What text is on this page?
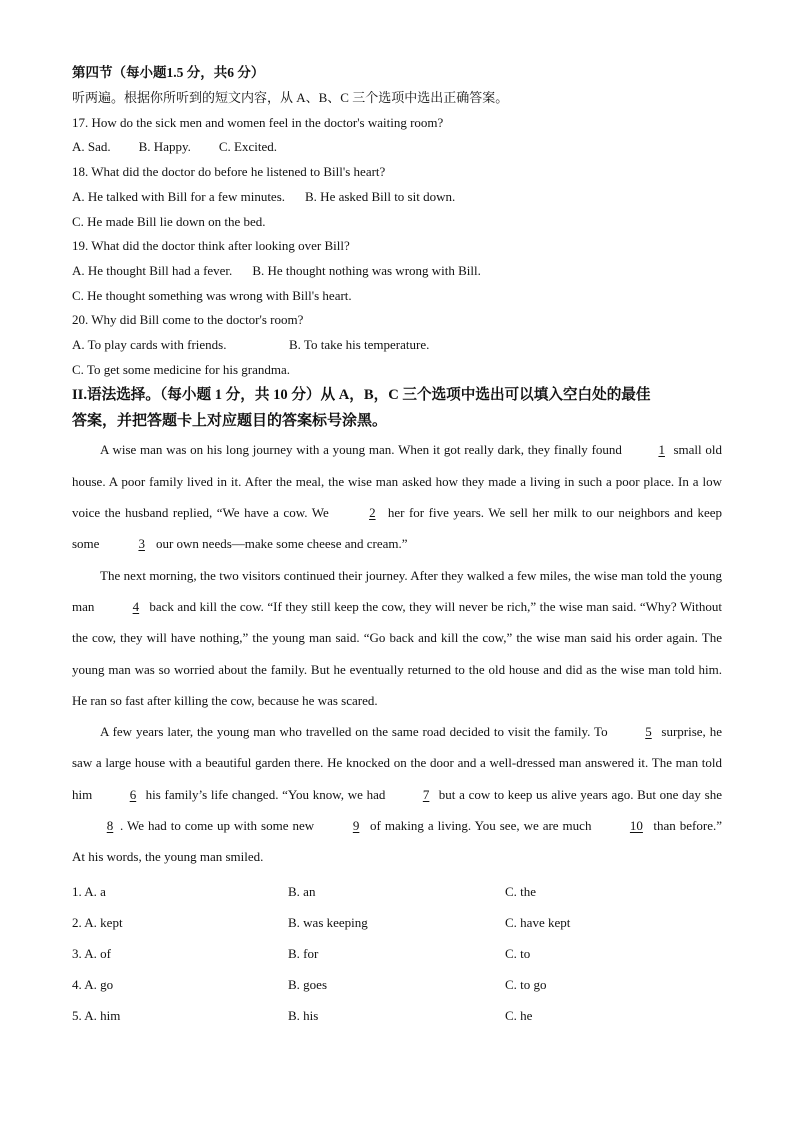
第四节（每小题1.5 分，共6 分）
听两遍。根据你所听到的短文内容，从 A、B、C 三个选项中选出正确答案。
17. How do the sick men and women feel in the doctor's waiting room?
A. Sad. B. Happy. C. Excited.
18. What did the doctor do before he listened to Bill's heart?
A. He talked with Bill for a few minutes. B. He asked Bill to sit down.
C. He made Bill lie down on the bed.
19. What did the doctor think after looking over Bill?
A. He thought Bill had a fever. B. He thought nothing was wrong with Bill.
C. He thought something was wrong with Bill's heart.
20. Why did Bill come to the doctor's room?
A. To play cards with friends.	B. To take his temperature.
C. To get some medicine for his grandma.
II.语法选择。（每小题 1 分，共 10 分）从 A，B，C 三个选项中选出可以填入空白处的最佳
答案，并把答题卡上对应题目的答案标号涂黑。
A wise man was on his long journey with a young man. When it got really dark, they finally found	1 small old house. A poor family lived in it. After the meal, the wise man asked how they made a living in such a poor place. In a low voice the husband replied, “We have a cow. We	2 her for five years. We sell her milk to our neighbors and keep some	3 our own needs—make some cheese and cream.”
The next morning, the two visitors continued their journey. After they walked a few miles, the wise man told the young man	4 back and kill the cow. “If they still keep the cow, they will never be rich,” the wise man said. “Why? Without the cow, they will have nothing,” the young man said. “Go back and kill the cow,” the wise man said his order again. The young man was so worried about the family. But he eventually returned to the old house and did as the wise man told him. He ran so fast after killing the cow, because he was scared.
A few years later, the young man who travelled on the same road decided to visit the family. To	5 surprise, he saw a large house with a beautiful garden there. He knocked on the door and a well-dressed man answered it. The man told him	6 his family’s life changed. “You know, we had	7 but a cow to keep us alive years ago. But one day she 8 . We had to come up with some new	9 of making a living. You see, we are much	10 than before.” At his words, the young man smiled.
1. A. a	B. an	C. the
2. A. kept	B. was keeping	C. have kept
3. A. of	B. for	C. to
4. A. go	B. goes	C. to go
5. A. him	B. his	C. he
